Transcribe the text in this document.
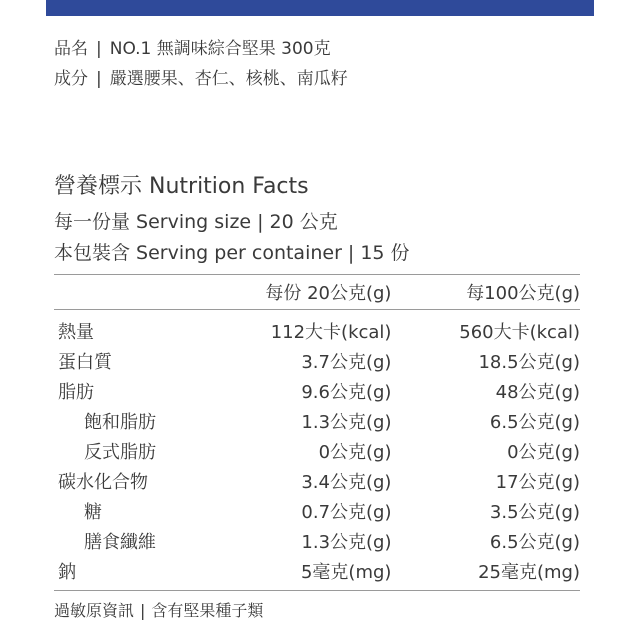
品名 | NO.1 無調味綜合堅果 300克
成分 | 嚴選腰果、杏仁、核桃、南瓜籽
營養標示 Nutrition Facts
每一份量 Serving size | 20 公克
本包裝含 Serving per container | 15 份
每份 20公克(g)	每100公克(g)
熱量	112大卡(kcal)	560大卡(kcal)
蛋白質	3.7公克(g)	18.5公克(g)
脂肪	9.6公克(g)	48公克(g)
飽和脂肪	1.3公克(g)	6.5公克(g)
反式脂肪	0公克(g)	0公克(g)
碳水化合物	3.4公克(g)	17公克(g)
糖	0.7公克(g)	3.5公克(g)
膳食纖維	1.3公克(g)	6.5公克(g)
鈉	5毫克(mg)	25毫克(mg)
過敏原資訊 | 含有堅果種子類
